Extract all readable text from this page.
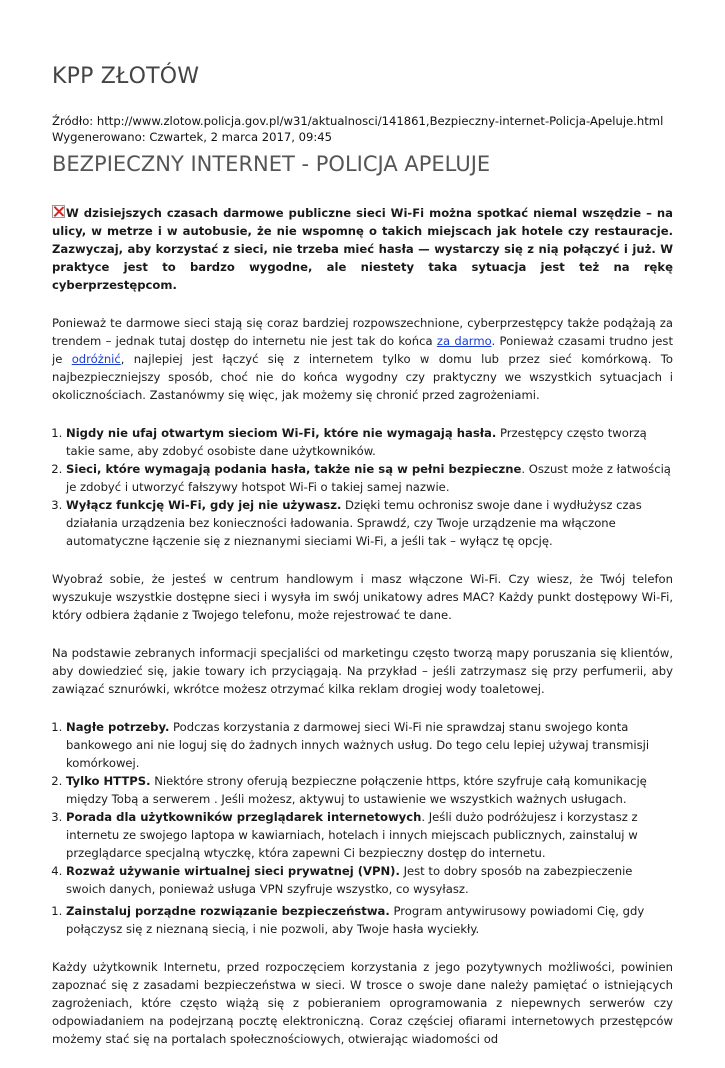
KPP ZŁOTÓW
Źródło: http://www.zlotow.policja.gov.pl/w31/aktualnosci/141861,Bezpieczny-internet-Policja-Apeluje.html
Wygenerowano: Czwartek, 2 marca 2017, 09:45
BEZPIECZNY INTERNET - POLICJA APELUJE

W dzisiejszych czasach darmowe publiczne sieci Wi-Fi można spotkać niemal wszędzie – na ulicy, w metrze i w autobusie, że nie wspomnę o takich miejscach jak hotele czy restauracje. Zazwyczaj, aby korzystać z sieci, nie trzeba mieć hasła — wystarczy się z nią połączyć i już. W praktyce jest to bardzo wygodne, ale niestety taka sytuacja jest też na rękę cyberprzestępcom.

Ponieważ te darmowe sieci stają się coraz bardziej rozpowszechnione, cyberprzestępcy także podążają za trendem – jednak tutaj dostęp do internetu nie jest tak do końca za darmo. Ponieważ czasami trudno jest je odróżnić, najlepiej jest łączyć się z internetem tylko w domu lub przez sieć komórkową. To najbezpieczniejszy sposób, choć nie do końca wygodny czy praktyczny we wszystkich sytuacjach i okolicznościach. Zastanówmy się więc, jak możemy się chronić przed zagrożeniami.

1. Nigdy nie ufaj otwartym sieciom Wi-Fi, które nie wymagają hasła. Przestępcy często tworzą takie same, aby zdobyć osobiste dane użytkowników.
2. Sieci, które wymagają podania hasła, także nie są w pełni bezpieczne. Oszust może z łatwością je zdobyć i utworzyć fałszywy hotspot Wi-Fi o takiej samej nazwie.
3. Wyłącz funkcję Wi-Fi, gdy jej nie używasz. Dzięki temu ochronisz swoje dane i wydłużysz czas działania urządzenia bez konieczności ładowania. Sprawdź, czy Twoje urządzenie ma włączone automatyczne łączenie się z nieznanymi sieciami Wi-Fi, a jeśli tak – wyłącz tę opcję.

Wyobraź sobie, że jesteś w centrum handlowym i masz włączone Wi-Fi. Czy wiesz, że Twój telefon wyszukuje wszystkie dostępne sieci i wysyła im swój unikatowy adres MAC? Każdy punkt dostępowy Wi-Fi, który odbiera żądanie z Twojego telefonu, może rejestrować te dane.

Na podstawie zebranych informacji specjaliści od marketingu często tworzą mapy poruszania się klientów, aby dowiedzieć się, jakie towary ich przyciągają. Na przykład – jeśli zatrzymasz się przy perfumerii, aby zawiązać sznurówki, wkrótce możesz otrzymać kilka reklam drogiej wody toaletowej.

1. Nagłe potrzeby. Podczas korzystania z darmowej sieci Wi-Fi nie sprawdzaj stanu swojego konta bankowego ani nie loguj się do żadnych innych ważnych usług. Do tego celu lepiej używaj transmisji komórkowej.
2. Tylko HTTPS. Niektóre strony oferują bezpieczne połączenie https, które szyfruje całą komunikację między Tobą a serwerem . Jeśli możesz, aktywuj to ustawienie we wszystkich ważnych usługach.
3. Porada dla użytkowników przeglądarek internetowych. Jeśli dużo podróżujesz i korzystasz z internetu ze swojego laptopa w kawiarniach, hotelach i innych miejscach publicznych, zainstaluj w przeglądarce specjalną wtyczkę, która zapewni Ci bezpieczny dostęp do internetu.
4. Rozważ używanie wirtualnej sieci prywatnej (VPN). Jest to dobry sposób na zabezpieczenie swoich danych, ponieważ usługa VPN szyfruje wszystko, co wysyłasz.
1. Zainstaluj porządne rozwiązanie bezpieczeństwa. Program antywirusowy powiadomi Cię, gdy połączysz się z nieznaną siecią, i nie pozwoli, aby Twoje hasła wyciekły.

Każdy użytkownik Internetu, przed rozpoczęciem korzystania z jego pozytywnych możliwości, powinien zapoznać się z zasadami bezpieczeństwa w sieci. W trosce o swoje dane należy pamiętać o istniejących zagrożeniach, które często wiążą się z pobieraniem oprogramowania z niepewnych serwerów czy odpowiadaniem na podejrzaną pocztę elektroniczną. Coraz częściej ofiarami internetowych przestępców możemy stać się na portalach społecznościowych, otwierając wiadomości od
